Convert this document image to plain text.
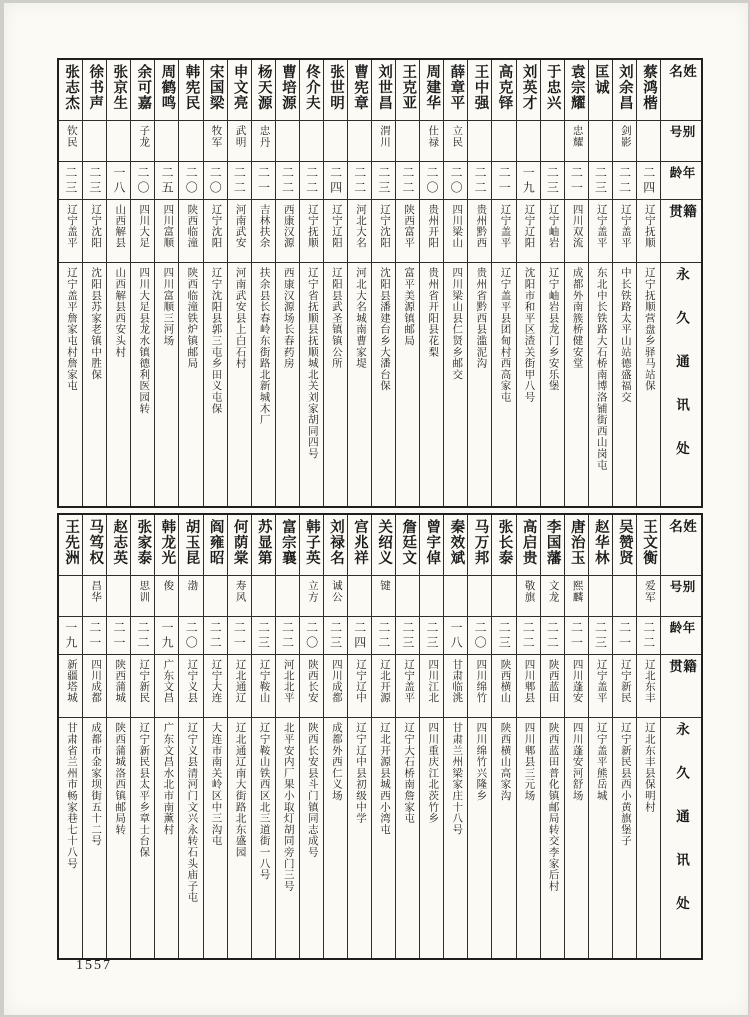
姓名
别号
年龄
籍贯
永久通讯处
蔡鸿楷
二四
辽宁抚顺
辽宁抚顺营盘乡驿马站保
刘余昌
剑影
二二
辽宁盖平
中长铁路太平山站德盛福交
匡诚
二三
辽宁盖平
东北中长铁路大石桥南博洛铺街西山岗屯
袁宗耀
忠耀
二一
四川双流
成都外南簇桥健安堂
于忠兴
二三
辽宁岫岩
辽宁岫岩县龙门乡安乐堡
刘英才
一九
辽宁辽阳
沈阳市和平区渣关街甲八号
高克铎
二一
辽宁盖平
辽宁盖平县团甸村西高家屯
王中强
二二
贵州黔西
贵州省黔西县滥泥沟
薛章平
立民
二〇
四川梁山
四川梁山县仁贤乡邮交
周建华
仕禄
二〇
贵州开阳
贵州省开阳县花梨
王克亚
二二
陕西富平
富平美源镇邮局
刘世昌
渭川
二三
辽宁沈阳
沈阳县潘建台乡大潘台保
曹宪章
二二
河北大名
河北大名城南曹家堤
张世明
二四
辽宁辽阳
辽阳县武圣镇镇公所
佟介夫
二二
辽宁抚顺
辽宁省抚顺县抚顺城北关刘家胡同四号
曹培源
二二
西康汉源
西康汉源场长春药房
杨天源
忠丹
二一
吉林扶余
扶余县长春岭东街路北新城木厂
申文亮
武明
二二
河南武安
河南武安县上白石村
宋国梁
牧军
二〇
辽宁沈阳
辽宁沈阳县郭三屯乡田义屯保
韩宪民
二〇
陕西临潼
陕西临潼铁炉镇邮局
周鹤鸣
二五
四川富顺
四川富顺三河场
余可嘉
子龙
二〇
四川大足
四川大足县龙水镇德利医园转
张京生
一八
山西解县
山西解县西安头村
徐书声
二三
辽宁沈阳
沈阳县苏家老镇中胜保
张志杰
钦民
二三
辽宁盖平
辽宁盖平詹家屯村詹家屯
姓名
别号
年龄
籍贯
永久通讯处
王文衡
爱军
二二
辽北东丰
辽北东丰县保明村
吴赞贤
二一
辽宁新民
辽宁新民县西小黄旗堡子
赵华林
二三
辽宁盖平
辽宁盖平熊岳城
唐治玉
熙麟
二一
四川蓬安
四川蓬安河舒场
李国藩
文龙
二二
陕西蓝田
陕西蓝田普化镇邮局转交李家后村
高启贵
敬旗
二二
四川郫县
四川郫县三元场
张长泰
二三
陕西横山
陕西横山高家沟
马万邦
二〇
四川绵竹
四川绵竹兴隆乡
秦效斌
一八
甘肃临洮
甘肃兰州梁家庄十八号
曾宇倬
二三
四川江北
四川重庆江北茨竹乡
詹廷文
二三
辽宁盖平
辽宁大石桥南詹家屯
关绍义
键
二二
辽北开源
辽北开源县城西小湾屯
宫兆祥
二四
辽宁辽中
辽宁辽中县初级中学
刘禄名
诚公
二三
四川成都
成都外西仁义场
韩子英
立方
二〇
陕西长安
陕西长安县斗门镇同志成号
富宗襄
二二
河北北平
北平安内厂果小取灯胡同旁门三号
苏显第
二三
辽宁鞍山
辽宁鞍山铁西区北三道街一八号
何荫棠
寿风
二一
辽北通辽
辽北通辽南大街路北东盛园
阎雍昭
二二
辽宁大连
大连市南关岭区中三沟屯
胡玉昆
渤
二〇
辽宁义县
辽宁义县清河门文兴永转石头庙子屯
韩龙光
俊
一九
广东文昌
广东文昌水北市南薰村
张家泰
思训
二二
辽宁新民
辽宁新民县太平乡章士台保
赵志英
二一
陕西蒲城
陕西蒲城洛西镇邮局转
马笃权
昌华
二一
四川成都
成都市金家坝街五十二号
王先洲
一九
新疆塔城
甘肃省兰州市畅家巷七十八号
1557
